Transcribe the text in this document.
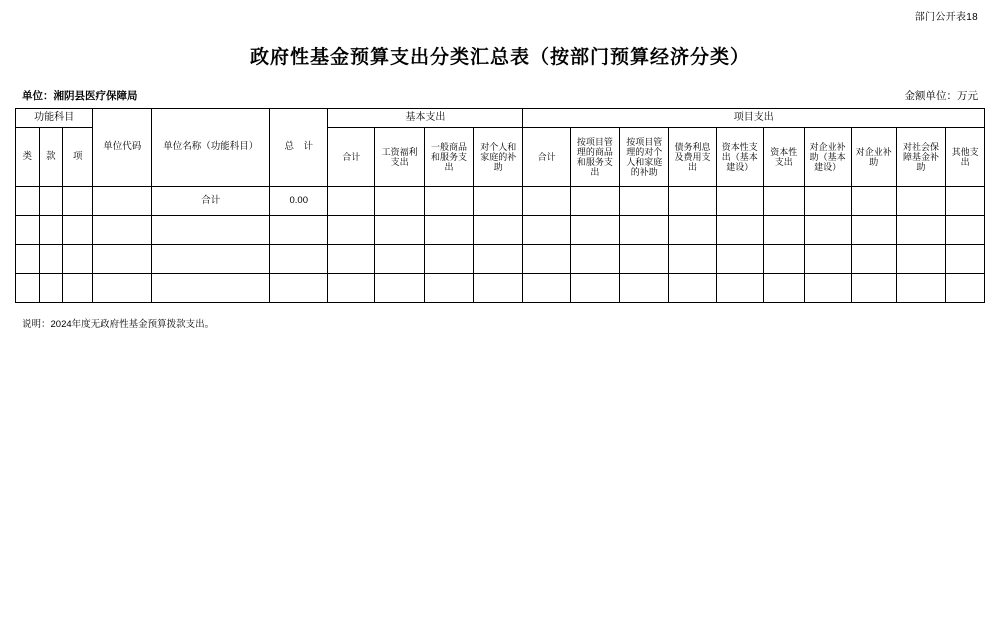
部门公开表18
政府性基金预算支出分类汇总表（按部门预算经济分类）
单位：湘阴县医疗保障局	金额单位：万元
功能科目			单位代码	单位名称（功能科目）	总　计	基本支出				项目支出									
类	款	项				合计	工资福利支出	一般商品和服务支出	对个人和家庭的补助	合计	按项目管理的商品和服务支出	按项目管理的对个人和家庭的补助	债务利息及费用支出	资本性支出（基本建设）	资本性支出	对企业补助（基本建设）	对企业补助	对社会保障基金补助	其他支出

				合计	0.00														

说明：2024年度无政府性基金预算拨款支出。
